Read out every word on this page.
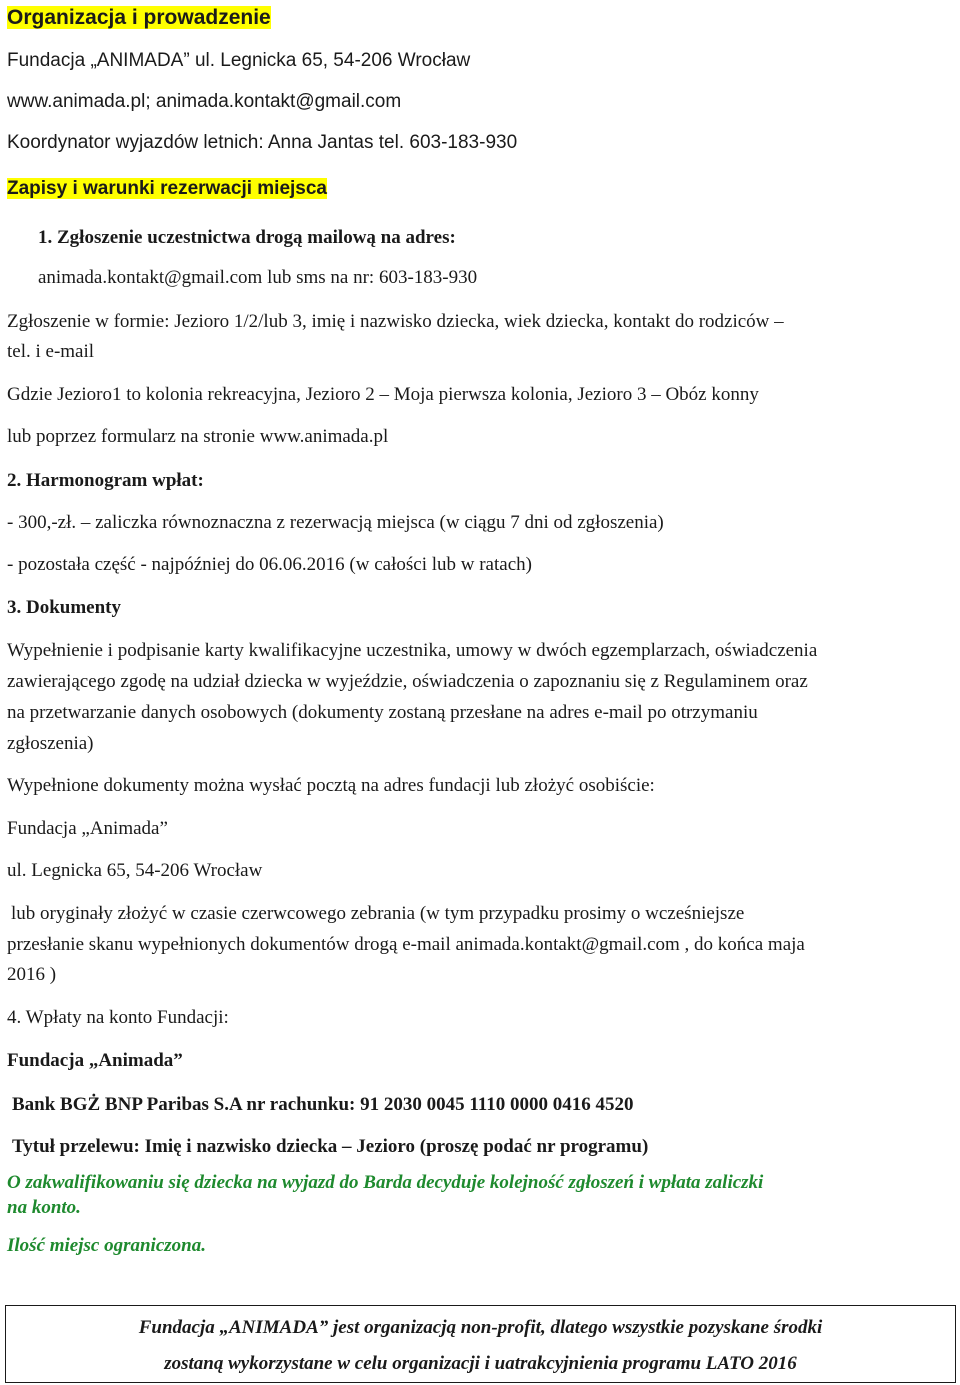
Organizacja i prowadzenie
Fundacja „ANIMADA” ul. Legnicka 65, 54-206 Wrocław
www.animada.pl; animada.kontakt@gmail.com
Koordynator wyjazdów letnich: Anna Jantas tel. 603-183-930
Zapisy i warunki rezerwacji miejsca
1. Zgłoszenie uczestnictwa drogą mailową na adres:
animada.kontakt@gmail.com lub sms na nr: 603-183-930
Zgłoszenie w formie: Jezioro 1/2/lub 3, imię i nazwisko dziecka, wiek dziecka, kontakt do rodziców –
tel. i e-mail
Gdzie Jezioro1 to kolonia rekreacyjna, Jezioro 2 – Moja pierwsza kolonia, Jezioro 3 – Obóz konny
lub poprzez formularz na stronie www.animada.pl
2. Harmonogram wpłat:
- 300,-zł. – zaliczka równoznaczna z rezerwacją miejsca (w ciągu 7 dni od zgłoszenia)
- pozostała część - najpóźniej do 06.06.2016 (w całości lub w ratach)
3. Dokumenty
Wypełnienie i podpisanie karty kwalifikacyjne uczestnika, umowy w dwóch egzemplarzach, oświadczenia
zawierającego zgodę na udział dziecka w wyjeździe, oświadczenia o zapoznaniu się z Regulaminem oraz
na przetwarzanie danych osobowych (dokumenty zostaną przesłane na adres e-mail po otrzymaniu
zgłoszenia)
Wypełnione dokumenty można wysłać pocztą na adres fundacji lub złożyć osobiście:
Fundacja „Animada”
ul. Legnicka 65, 54-206 Wrocław
lub oryginały złożyć w czasie czerwcowego zebrania (w tym przypadku prosimy o wcześniejsze
przesłanie skanu wypełnionych dokumentów drogą e-mail animada.kontakt@gmail.com , do końca maja
2016 )
4. Wpłaty na konto Fundacji:
Fundacja „Animada”
Bank BGŻ BNP Paribas S.A nr rachunku: 91 2030 0045 1110 0000 0416 4520
Tytuł przelewu: Imię i nazwisko dziecka – Jezioro (proszę podać nr programu)
O zakwalifikowaniu się dziecka na wyjazd do Barda decyduje kolejność zgłoszeń i wpłata zaliczki
na konto.
Ilość miejsc ograniczona.
Fundacja „ANIMADA” jest organizacją non-profit, dlatego wszystkie pozyskane środki
zostaną wykorzystane w celu organizacji i uatrakcyjnienia programu LATO 2016
